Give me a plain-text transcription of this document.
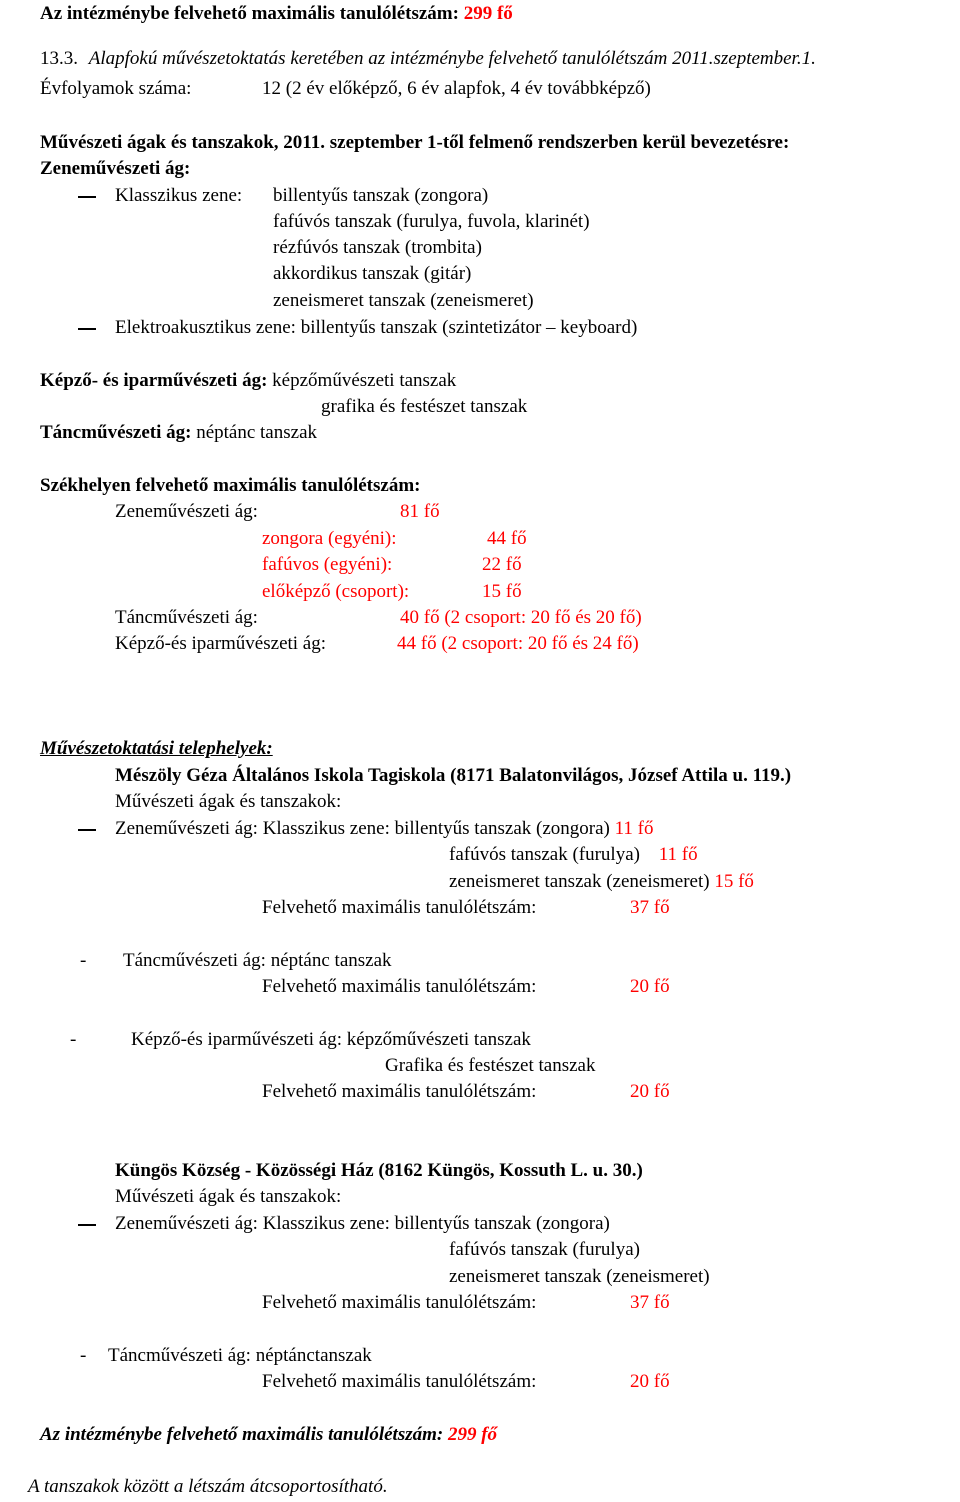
Az intézménybe felvehető maximális tanulólétszám: 299 fő
13.3. Alapfokú művészetoktatás keretében az intézménybe felvehető tanulólétszám 2011.szeptember.1.
Évfolyamok száma:	12 (2 év előképző, 6 év alapfok, 4 év továbbképző)
Művészeti ágak és tanszakok, 2011. szeptember 1-től felmenő rendszerben kerül bevezetésre:
Zeneművészeti ág:
Klasszikus zene: billentyűs tanszak (zongora)
fafúvós tanszak (furulya, fuvola, klarinét)
rézfúvós tanszak (trombita)
akkordikus tanszak (gitár)
zeneismeret tanszak (zeneismeret)
Elektroakusztikus zene: billentyűs tanszak (szintetizátor – keyboard)
Képző- és iparművészeti ág: képzőművészeti tanszak
grafika és festészet tanszak
Táncművészeti ág: néptánc tanszak
Székhelyen felvehető maximális tanulólétszám:
Zeneművészeti ág:	81 fő
zongora (egyéni):	44 fő
fafúvos (egyéni):	22 fő
előképző (csoport):	15 fő
Táncművészeti ág:	40 fő (2 csoport: 20 fő és 20 fő)
Képző-és iparművészeti ág:	44 fő (2 csoport: 20 fő és 24 fő)
Művészetoktatási telephelyek:
Mészöly Géza Általános Iskola Tagiskola (8171 Balatonvilágos, József Attila u. 119.)
Művészeti ágak és tanszakok:
Zeneművészeti ág: Klasszikus zene: billentyűs tanszak (zongora) 11 fő
fafúvós tanszak (furulya) 11 fő
zeneismeret tanszak (zeneismeret) 15 fő
Felvehető maximális tanulólétszám:	37 fő
- Táncművészeti ág: néptánc tanszak
Felvehető maximális tanulólétszám:	20 fő
-	Képző-és iparművészeti ág: képzőművészeti tanszak
Grafika és festészet tanszak
Felvehető maximális tanulólétszám:	20 fő
Küngös Község - Közösségi Ház (8162 Küngös, Kossuth L. u. 30.)
Művészeti ágak és tanszakok:
Zeneművészeti ág: Klasszikus zene: billentyűs tanszak (zongora)
fafúvós tanszak (furulya)
zeneismeret tanszak (zeneismeret)
Felvehető maximális tanulólétszám:	37 fő
- Táncművészeti ág: néptánctanszak
Felvehető maximális tanulólétszám:	20 fő
Az intézménybe felvehető maximális tanulólétszám: 299 fő
A tanszakok között a létszám átcsoportosítható.
